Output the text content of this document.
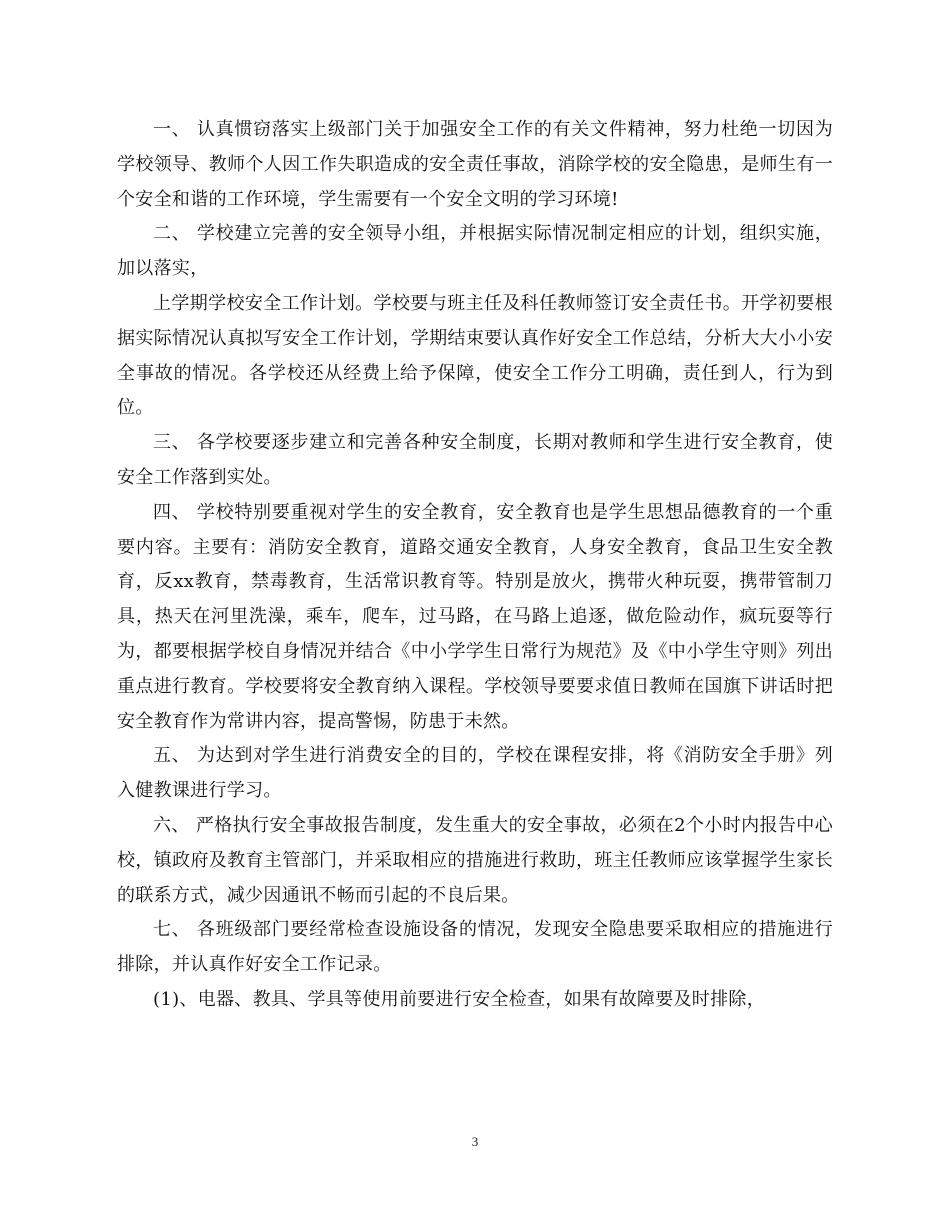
一、 认真惯窃落实上级部门关于加强安全工作的有关文件精神，努力杜绝一切因为学校领导、教师个人因工作失职造成的安全责任事故，消除学校的安全隐患，是师生有一个安全和谐的工作环境，学生需要有一个安全文明的学习环境!

二、 学校建立完善的安全领导小组，并根据实际情况制定相应的计划，组织实施，加以落实，

上学期学校安全工作计划。学校要与班主任及科任教师签订安全责任书。开学初要根据实际情况认真拟写安全工作计划，学期结束要认真作好安全工作总结，分析大大小小安全事故的情况。各学校还从经费上给予保障，使安全工作分工明确，责任到人，行为到位。

三、 各学校要逐步建立和完善各种安全制度，长期对教师和学生进行安全教育，使安全工作落到实处。

四、 学校特别要重视对学生的安全教育，安全教育也是学生思想品德教育的一个重要内容。主要有：消防安全教育，道路交通安全教育，人身安全教育，食品卫生安全教育，反xx教育，禁毒教育，生活常识教育等。特别是放火，携带火种玩耍，携带管制刀具，热天在河里洗澡，乘车，爬车，过马路，在马路上追逐，做危险动作，疯玩耍等行为，都要根据学校自身情况并结合《中小学学生日常行为规范》及《中小学生守则》列出重点进行教育。学校要将安全教育纳入课程。学校领导要要求值日教师在国旗下讲话时把安全教育作为常讲内容，提高警惕，防患于未然。

五、 为达到对学生进行消费安全的目的，学校在课程安排，将《消防安全手册》列入健教课进行学习。

六、 严格执行安全事故报告制度，发生重大的安全事故，必须在2个小时内报告中心校，镇政府及教育主管部门，并采取相应的措施进行救助，班主任教师应该掌握学生家长的联系方式，减少因通讯不畅而引起的不良后果。

七、 各班级部门要经常检查设施设备的情况，发现安全隐患要采取相应的措施进行排除，并认真作好安全工作记录。

(1)、电器、教具、学具等使用前要进行安全检查，如果有故障要及时排除，

3
